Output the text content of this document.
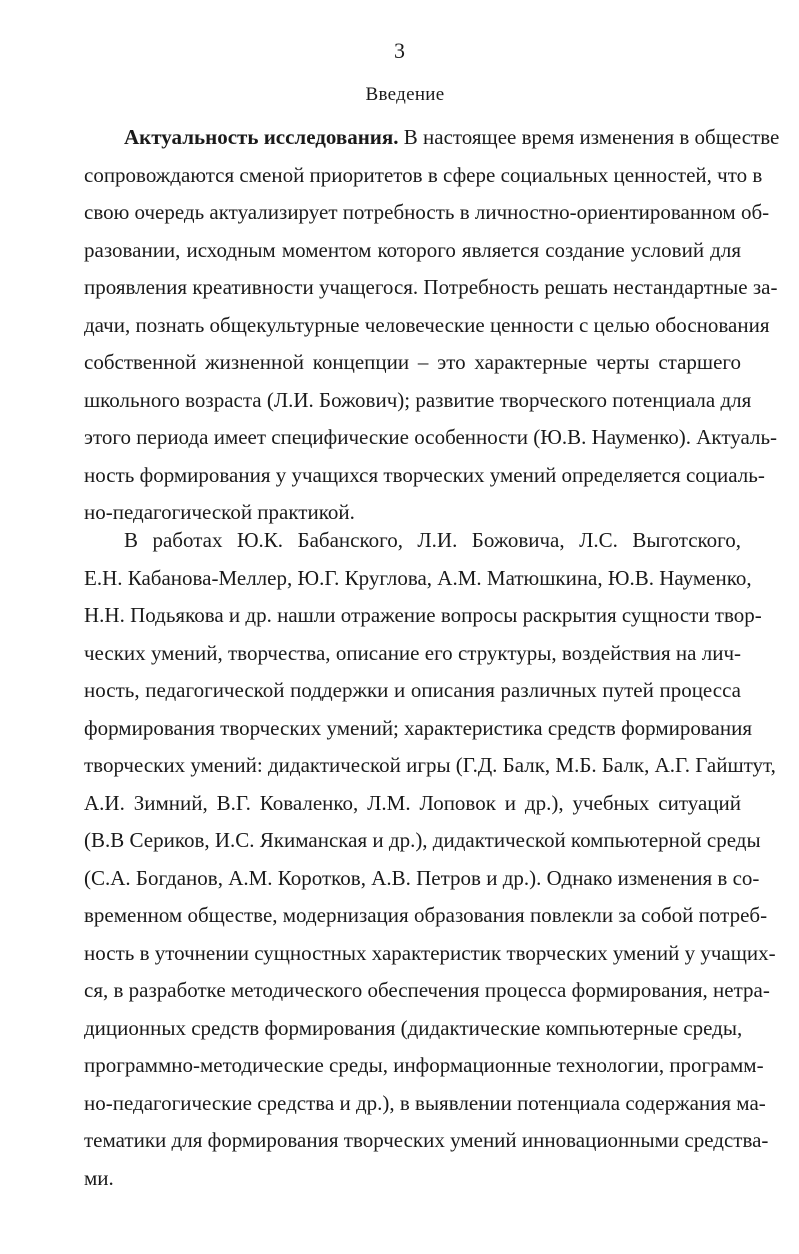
3
Введение
Актуальность исследования. В настоящее время изменения в обществе
сопровождаются сменой приоритетов в сфере социальных ценностей, что в
свою очередь актуализирует потребность в личностно-ориентированном об-
разовании, исходным моментом которого является создание условий для
проявления креативности учащегося. Потребность решать нестандартные за-
дачи, познать общекультурные человеческие ценности с целью обоснования
собственной жизненной концепции – это характерные черты старшего
школьного возраста (Л.И. Божович); развитие творческого потенциала для
этого периода имеет специфические особенности (Ю.В. Науменко). Актуаль-
ность формирования у учащихся творческих умений определяется социаль-
но-педагогической практикой.
В работах Ю.К. Бабанского, Л.И. Божовича, Л.С. Выготского,
Е.Н. Кабанова-Меллер, Ю.Г. Круглова, А.М. Матюшкина, Ю.В. Науменко,
Н.Н. Подьякова и др. нашли отражение вопросы раскрытия сущности твор-
ческих умений, творчества, описание его структуры, воздействия на лич-
ность, педагогической поддержки и описания различных путей процесса
формирования творческих умений; характеристика средств формирования
творческих умений: дидактической игры (Г.Д. Балк, М.Б. Балк, А.Г. Гайштут,
А.И. Зимний, В.Г. Коваленко, Л.М. Лоповок и др.), учебных ситуаций
(В.В Сериков, И.С. Якиманская и др.), дидактической компьютерной среды
(С.А. Богданов, А.М. Коротков, А.В. Петров и др.). Однако изменения в со-
временном обществе, модернизация образования повлекли за собой потреб-
ность в уточнении сущностных характеристик творческих умений у учащих-
ся, в разработке методического обеспечения процесса формирования, нетра-
диционных средств формирования (дидактические компьютерные среды,
программно-методические среды, информационные технологии, программ-
но-педагогические средства и др.), в выявлении потенциала содержания ма-
тематики для формирования творческих умений инновационными средства-
ми.
